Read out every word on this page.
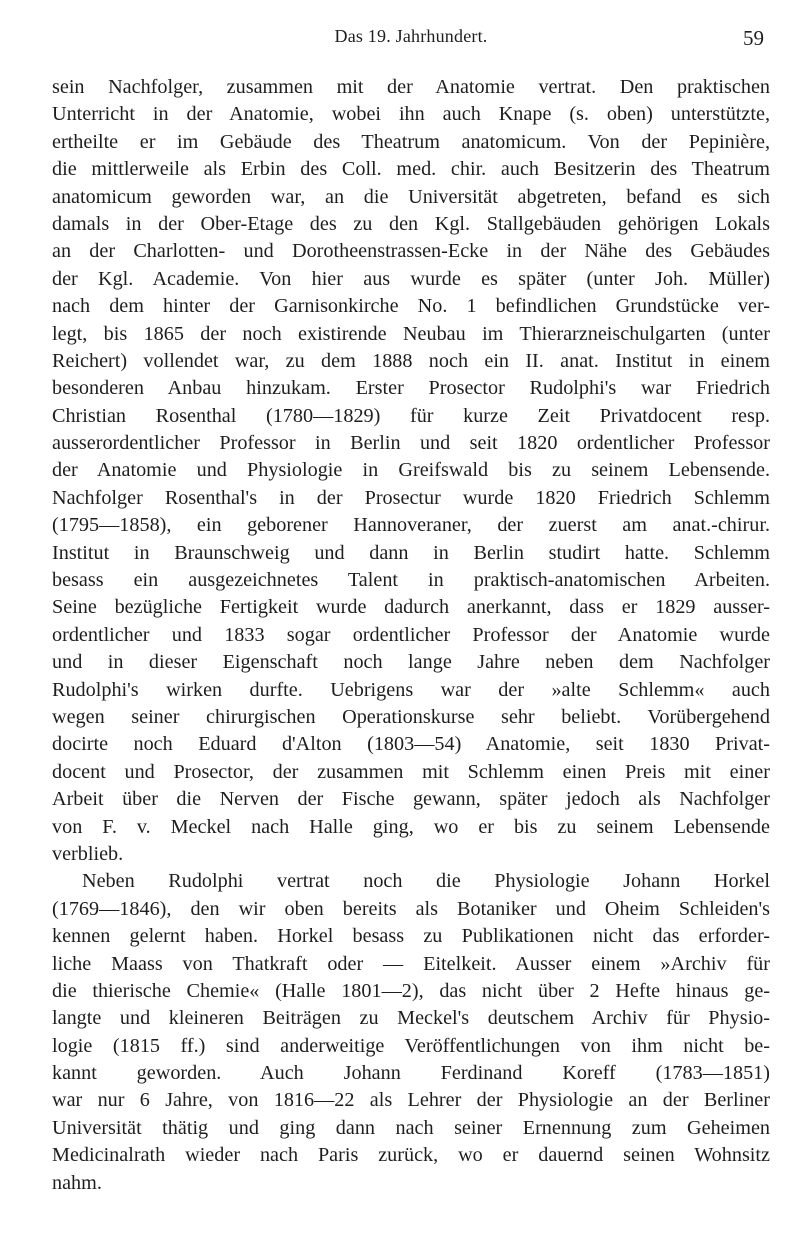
Das 19. Jahrhundert.	59
sein Nachfolger, zusammen mit der Anatomie vertrat. Den praktischen
Unterricht in der Anatomie, wobei ihn auch Knape (s. oben) unterstützte,
ertheilte er im Gebäude des Theatrum anatomicum. Von der Pepinière,
die mittlerweile als Erbin des Coll. med. chir. auch Besitzerin des Theatrum
anatomicum geworden war, an die Universität abgetreten, befand es sich
damals in der Ober-Etage des zu den Kgl. Stallgebäuden gehörigen Lokals
an der Charlotten- und Dorotheenstrassen-Ecke in der Nähe des Gebäudes
der Kgl. Academie. Von hier aus wurde es später (unter Joh. Müller)
nach dem hinter der Garnisonkirche No. 1 befindlichen Grundstücke ver-
legt, bis 1865 der noch existirende Neubau im Thierarzneischulgarten (unter
Reichert) vollendet war, zu dem 1888 noch ein II. anat. Institut in einem
besonderen Anbau hinzukam. Erster Prosector Rudolphi's war Friedrich
Christian Rosenthal (1780—1829) für kurze Zeit Privatdocent resp.
ausserordentlicher Professor in Berlin und seit 1820 ordentlicher Professor
der Anatomie und Physiologie in Greifswald bis zu seinem Lebensende.
Nachfolger Rosenthal's in der Prosectur wurde 1820 Friedrich Schlemm
(1795—1858), ein geborener Hannoveraner, der zuerst am anat.-chirur.
Institut in Braunschweig und dann in Berlin studirt hatte. Schlemm
besass ein ausgezeichnetes Talent in praktisch-anatomischen Arbeiten.
Seine bezügliche Fertigkeit wurde dadurch anerkannt, dass er 1829 ausser-
ordentlicher und 1833 sogar ordentlicher Professor der Anatomie wurde
und in dieser Eigenschaft noch lange Jahre neben dem Nachfolger
Rudolphi's wirken durfte. Uebrigens war der »alte Schlemm« auch
wegen seiner chirurgischen Operationskurse sehr beliebt. Vorübergehend
docirte noch Eduard d'Alton (1803—54) Anatomie, seit 1830 Privat-
docent und Prosector, der zusammen mit Schlemm einen Preis mit einer
Arbeit über die Nerven der Fische gewann, später jedoch als Nachfolger
von F. v. Meckel nach Halle ging, wo er bis zu seinem Lebensende
verblieb.
Neben Rudolphi vertrat noch die Physiologie Johann Horkel
(1769—1846), den wir oben bereits als Botaniker und Oheim Schleiden's
kennen gelernt haben. Horkel besass zu Publikationen nicht das erforder-
liche Maass von Thatkraft oder — Eitelkeit. Ausser einem »Archiv für
die thierische Chemie« (Halle 1801—2), das nicht über 2 Hefte hinaus ge-
langte und kleineren Beiträgen zu Meckel's deutschem Archiv für Physio-
logie (1815 ff.) sind anderweitige Veröffentlichungen von ihm nicht be-
kannt geworden. Auch Johann Ferdinand Koreff (1783—1851)
war nur 6 Jahre, von 1816—22 als Lehrer der Physiologie an der Berliner
Universität thätig und ging dann nach seiner Ernennung zum Geheimen
Medicinalrath wieder nach Paris zurück, wo er dauernd seinen Wohnsitz
nahm.
